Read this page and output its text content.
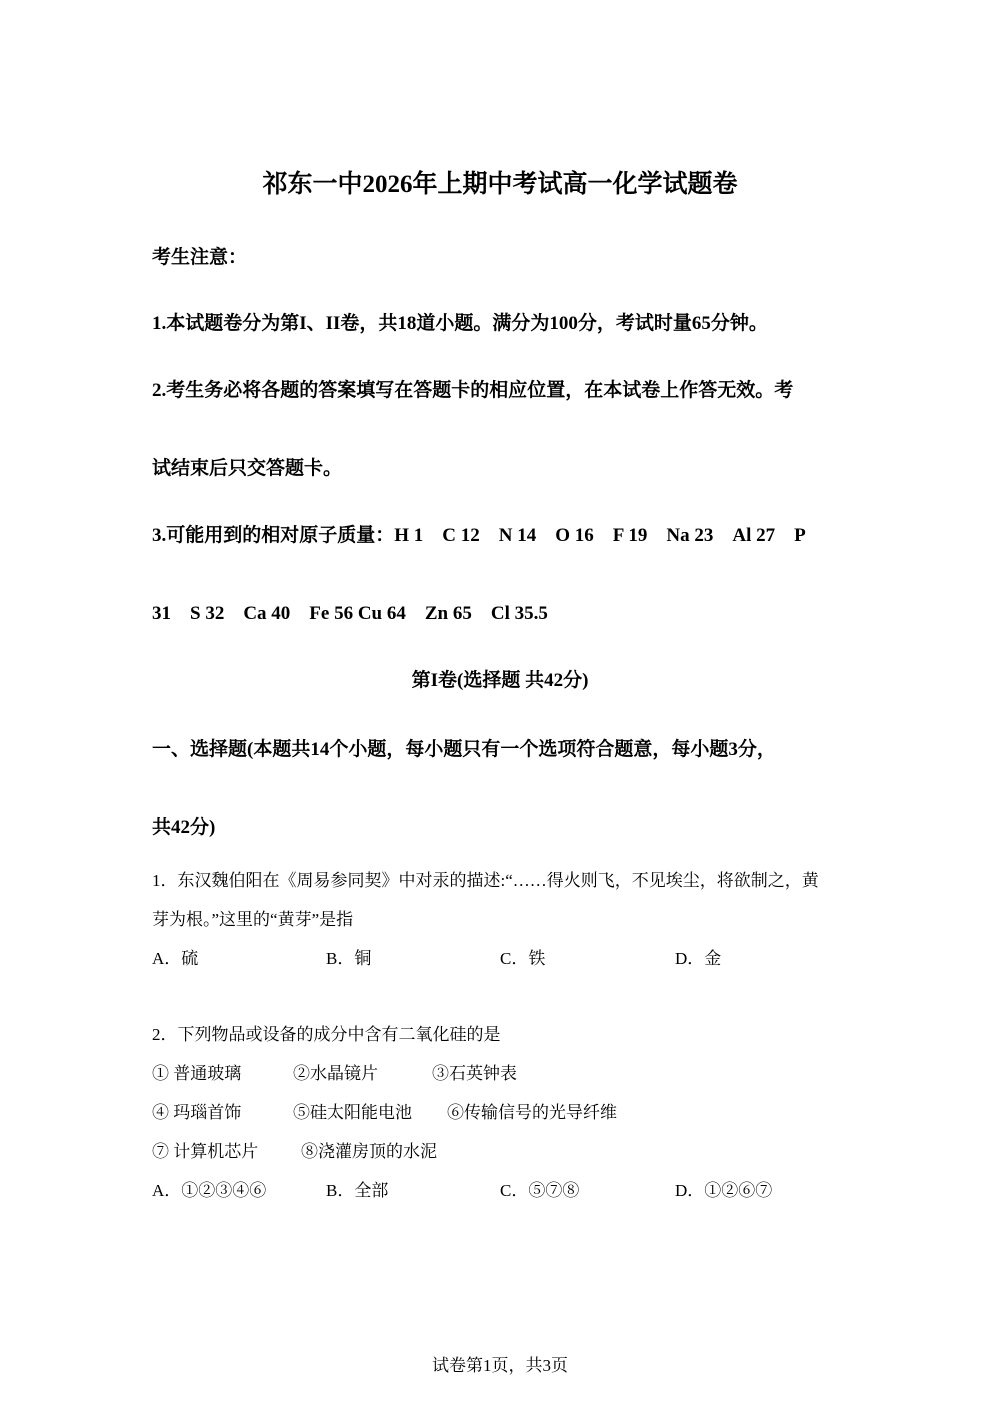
祁东一中2026年上期中考试高一化学试题卷
考生注意：
1.本试题卷分为第I、II卷，共18道小题。满分为100分，考试时量65分钟。
2.考生务必将各题的答案填写在答题卡的相应位置，在本试卷上作答无效。考
试结束后只交答题卡。
3.可能用到的相对原子质量：H 1　C 12　N 14　O 16　F 19　Na 23　Al 27　P
31　S 32　Ca 40　Fe 56 Cu 64　Zn 65　Cl 35.5
第I卷(选择题 共42分)
一、选择题(本题共14个小题，每小题只有一个选项符合题意，每小题3分，
共42分)
1．东汉魏伯阳在《周易参同契》中对汞的描述:“……得火则飞，不见埃尘，将欲制之，黄
芽为根。”这里的“黄芽”是指
A．硫	B．铜	C．铁	D．金
2．下列物品或设备的成分中含有二氧化硅的是
① 普通玻璃	②水晶镜片	③石英钟表
④ 玛瑙首饰	⑤硅太阳能电池 ⑥传输信号的光导纤维
⑦ 计算机芯片	⑧浇灌房顶的水泥
A．①②③④⑥	B．全部	C．⑤⑦⑧	D．①②⑥⑦
试卷第1页，共3页
